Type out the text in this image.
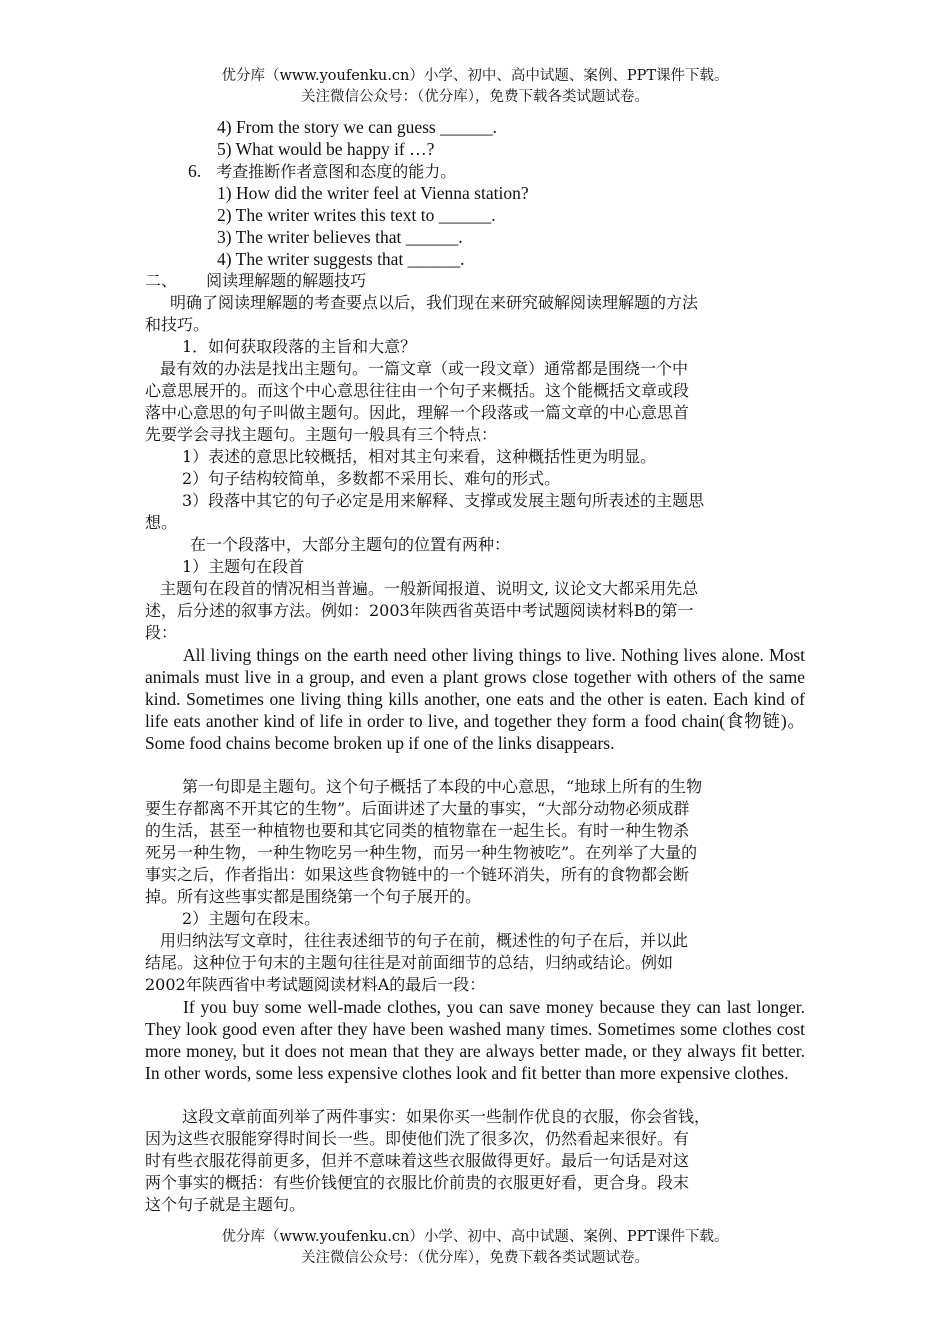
优分库（www.youfenku.cn）小学、初中、高中试题、案例、PPT课件下载。
关注微信公众号：（优分库），免费下载各类试题试卷。
4) From the story we can guess ______.
5) What would be happy if …?
6. 考查推断作者意图和态度的能力。
1) How did the writer feel at Vienna station?
2) The writer writes this text to ______.
3) The writer believes that ______.
4) The writer suggests that ______.
二、 阅读理解题的解题技巧
明确了阅读理解题的考查要点以后，我们现在来研究破解阅读理解题的方法
和技巧。
1．如何获取段落的主旨和大意？
最有效的办法是找出主题句。一篇文章（或一段文章）通常都是围绕一个中
心意思展开的。而这个中心意思往往由一个句子来概括。这个能概括文章或段
落中心意思的句子叫做主题句。因此，理解一个段落或一篇文章的中心意思首
先要学会寻找主题句。主题句一般具有三个特点：
1）表述的意思比较概括，相对其主句来看，这种概括性更为明显。
2）句子结构较简单，多数都不采用长、难句的形式。
3）段落中其它的句子必定是用来解释、支撑或发展主题句所表述的主题思
想。
在一个段落中，大部分主题句的位置有两种：
1）主题句在段首
主题句在段首的情况相当普遍。一般新闻报道、说明文, 议论文大都采用先总
述，后分述的叙事方法。例如：2003年陕西省英语中考试题阅读材料B的第一
段：

All living things on the earth need other living things to live. Nothing lives alone. Most animals must live in a group, and even a plant grows close together with others of the same kind. Sometimes one living thing kills another, one eats and the other is eaten. Each kind of life eats another kind of life in order to live, and together they form a food chain(食物链)。Some food chains become broken up if one of the links disappears.

第一句即是主题句。这个句子概括了本段的中心意思，“地球上所有的生物
要生存都离不开其它的生物”。后面讲述了大量的事实，“大部分动物必须成群
的生活，甚至一种植物也要和其它同类的植物靠在一起生长。有时一种生物杀
死另一种生物，一种生物吃另一种生物，而另一种生物被吃”。在列举了大量的
事实之后，作者指出：如果这些食物链中的一个链环消失，所有的食物都会断
掉。所有这些事实都是围绕第一个句子展开的。
2）主题句在段末。
用归纳法写文章时，往往表述细节的句子在前，概述性的句子在后，并以此
结尾。这种位于句末的主题句往往是对前面细节的总结，归纳或结论。例如
2002年陕西省中考试题阅读材料A的最后一段：

If you buy some well-made clothes, you can save money because they can last longer. They look good even after they have been washed many times. Sometimes some clothes cost more money, but it does not mean that they are always better made, or they always fit better. In other words, some less expensive clothes look and fit better than more expensive clothes.

这段文章前面列举了两件事实：如果你买一些制作优良的衣服，你会省钱，
因为这些衣服能穿得时间长一些。即使他们洗了很多次，仍然看起来很好。有
时有些衣服花得前更多，但并不意味着这些衣服做得更好。最后一句话是对这
两个事实的概括：有些价钱便宜的衣服比价前贵的衣服更好看，更合身。段末
这个句子就是主题句。
优分库（www.youfenku.cn）小学、初中、高中试题、案例、PPT课件下载。
关注微信公众号：（优分库），免费下载各类试题试卷。
